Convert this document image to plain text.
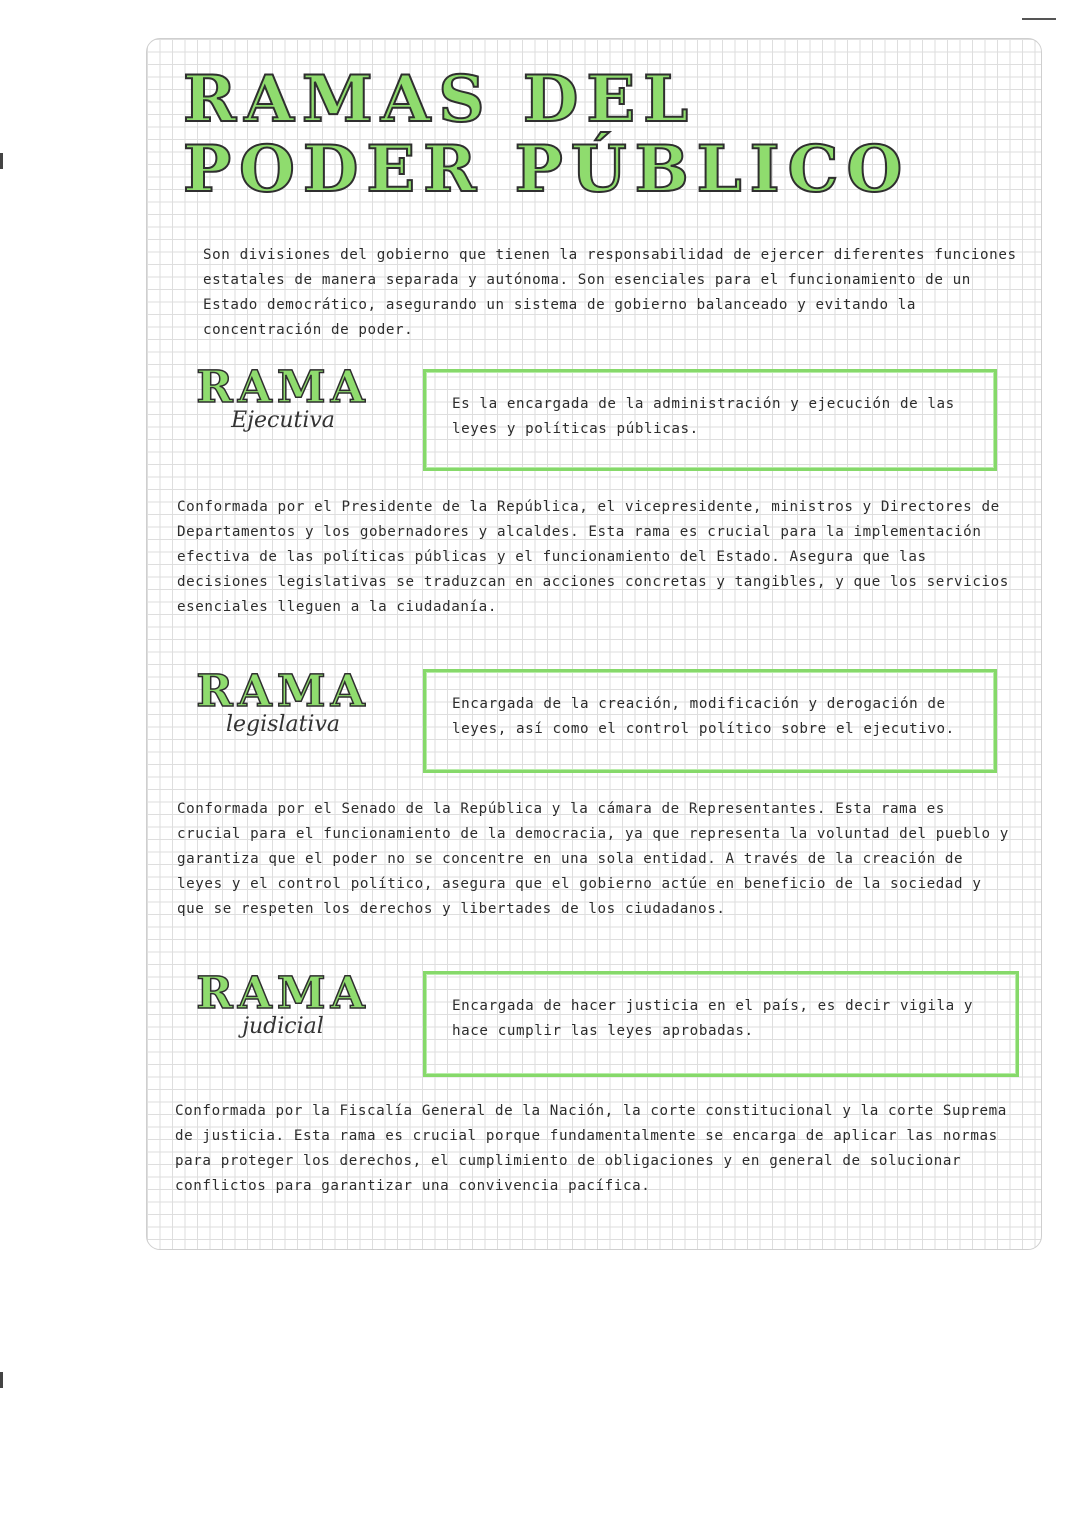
RAMAS DEL
PODER PÚBLICO

Son divisiones del gobierno que tienen la responsabilidad de ejercer diferentes funciones estatales de manera separada y autónoma. Son esenciales para el funcionamiento de un Estado democrático, asegurando un sistema de gobierno balanceado y evitando la concentración de poder.

RAMA
Ejecutiva

Es la encargada de la administración y ejecución de las leyes y políticas públicas.

Conformada por el Presidente de la República, el vicepresidente, ministros y Directores de Departamentos y los gobernadores y alcaldes. Esta rama es crucial para la implementación efectiva de las políticas públicas y el funcionamiento del Estado. Asegura que las decisiones legislativas se traduzcan en acciones concretas y tangibles, y que los servicios esenciales lleguen a la ciudadanía.

RAMA
legislativa

Encargada de la creación, modificación y derogación de leyes, así como el control político sobre el ejecutivo.

Conformada por el Senado de la República y la cámara de Representantes. Esta rama es crucial para el funcionamiento de la democracia, ya que representa la voluntad del pueblo y garantiza que el poder no se concentre en una sola entidad. A través de la creación de leyes y el control político, asegura que el gobierno actúe en beneficio de la sociedad y que se respeten los derechos y libertades de los ciudadanos.

RAMA
judicial

Encargada de hacer justicia en el país, es decir vigila y hace cumplir las leyes aprobadas.

Conformada por la Fiscalía General de la Nación, la corte constitucional y la corte Suprema de justicia. Esta rama es crucial porque fundamentalmente se encarga de aplicar las normas para proteger los derechos, el cumplimiento de obligaciones y en general de solucionar conflictos para garantizar una convivencia pacífica.
